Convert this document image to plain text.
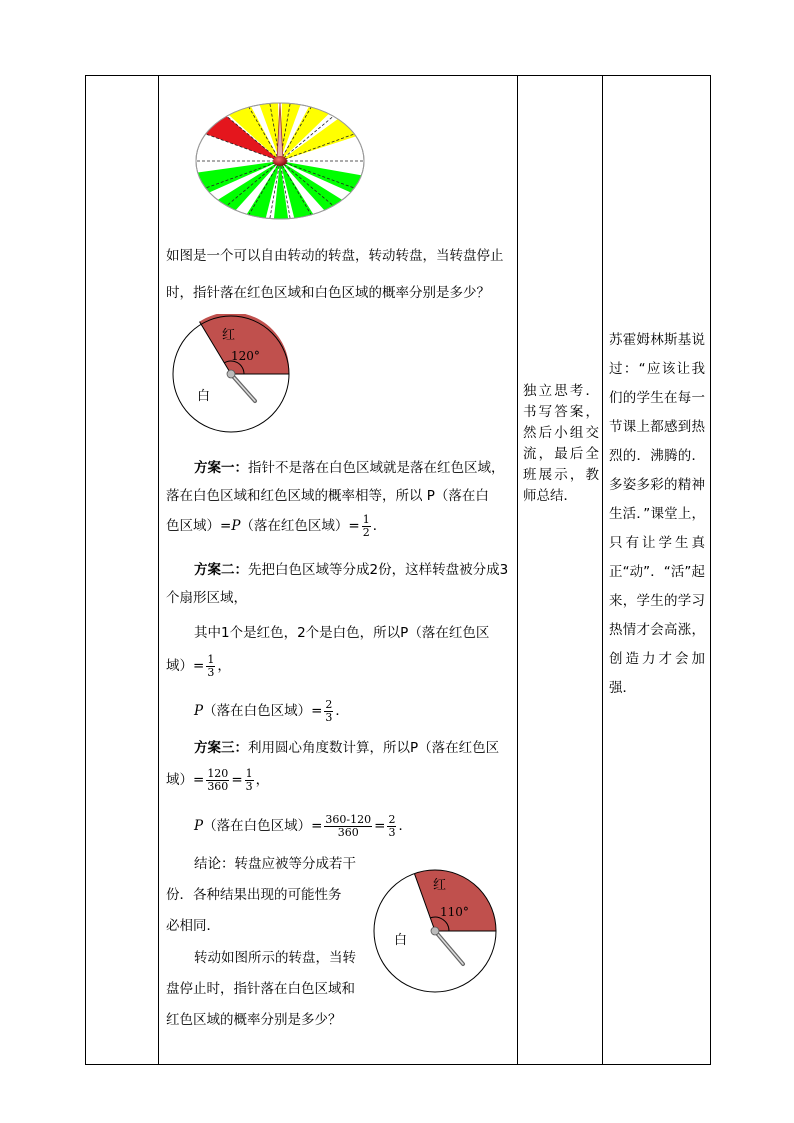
如图是一个可以自由转动的转盘，转动转盘，当转盘停止
时，指针落在红色区域和白色区域的概率分别是多少？
红
120°
白
方案一：指针不是落在白色区域就是落在红色区域，
落在白色区域和红色区域的概率相等，所以 P（落在白
色区域）=P（落在红色区域）= $\frac{1}{2}$ ．
方案二：先把白色区域等分成2份，这样转盘被分成3
个扇形区域，
其中1个是红色，2个是白色，所以P（落在红色区
域）= $\frac{1}{3}$ ，
P（落在白色区域）= $\frac{2}{3}$ ．
方案三：利用圆心角度数计算，所以P（落在红色区
域）= $\frac{120}{360} = \frac{1}{3}$ ，
P（落在白色区域）= $\frac{360-120}{360} = \frac{2}{3}$ ．
结论：转盘应被等分成若干
份．各种结果出现的可能性务
必相同．
转动如图所示的转盘，当转
盘停止时，指针落在白色区域和
红色区域的概率分别是多少？
红
110°
白

独立思考．书写答案，然后小组交流，最后全班展示，教师总结．

苏霍姆林斯基说过：“应该让我们的学生在每一节课上都感到热烈的．沸腾的．多姿多彩的精神生活．”课堂上，只有让学生真正“动”．“活”起来，学生的学习热情才会高涨，创造力才会加强．
